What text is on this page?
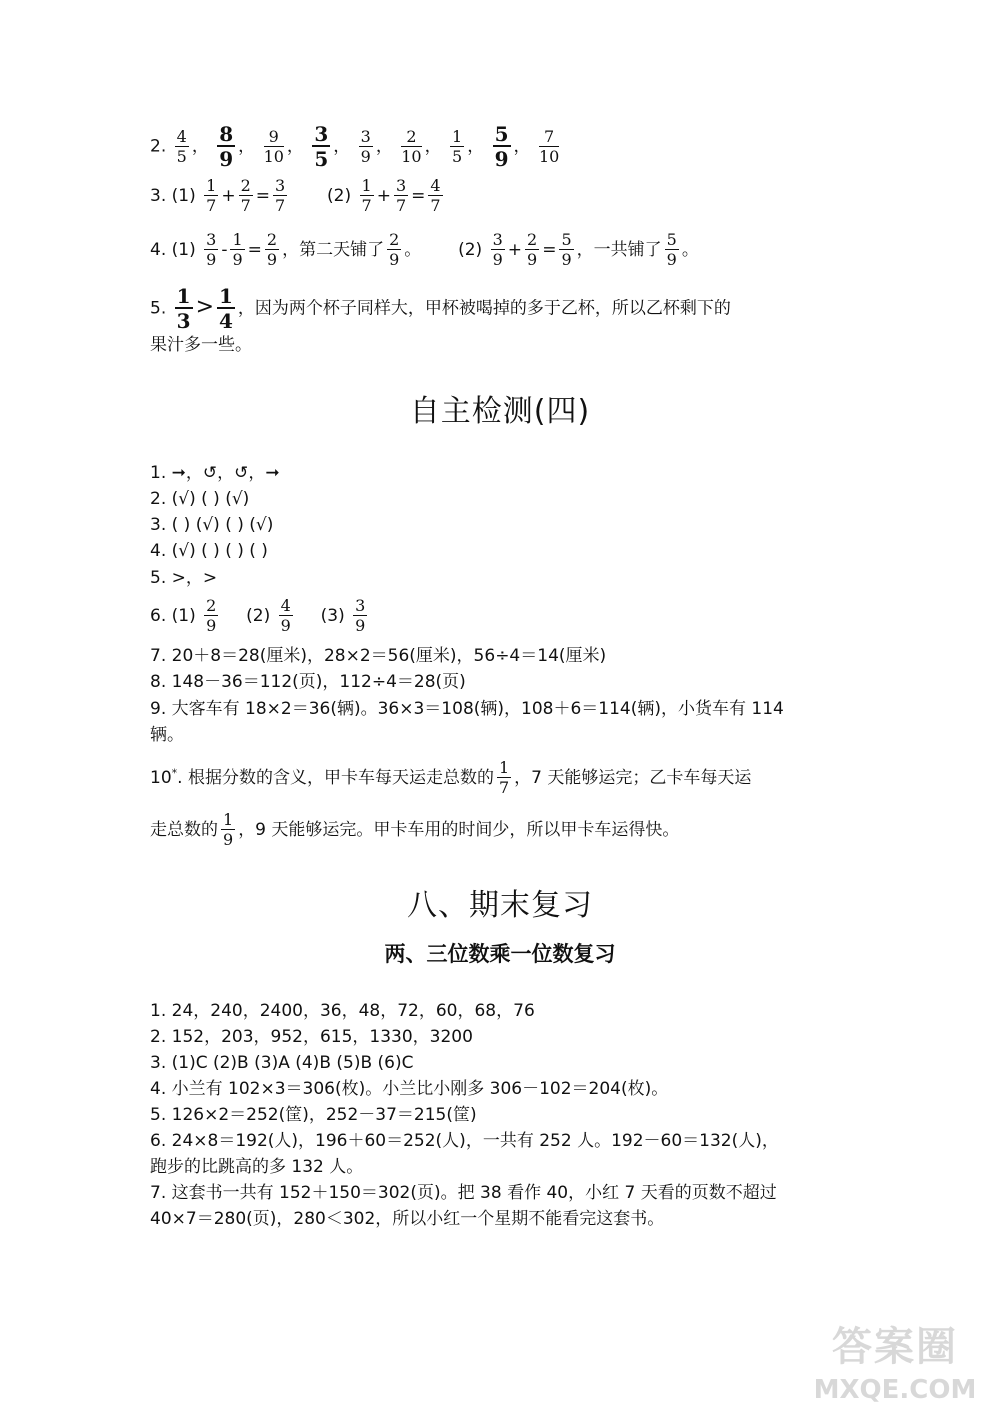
2. $\frac{4}{5}$ ， $\frac{8}{9}$ ， $\frac{9}{10}$ ， $\frac{3}{5}$ ， $\frac{3}{9}$ ， $\frac{2}{10}$ ， $\frac{1}{5}$ ， $\frac{5}{9}$ ， $\frac{7}{10}$
3. $(1) \frac{1}{7} + \frac{2}{7} = \frac{3}{7} (2) \frac{1}{7} + \frac{3}{7} = \frac{4}{7}$
4. $(1) \frac{3}{9} - \frac{1}{9} = \frac{2}{9}$ ，第二天铺了 $\frac{2}{9}$ 。 $(2) \frac{3}{9} + \frac{2}{9} = \frac{5}{9}$ ，一共铺了 $\frac{5}{9}$ 。
5. $\frac{1}{3} > \frac{1}{4}$ ，因为两个杯子同样大，甲杯被喝掉的多于乙杯，所以乙杯剩下的
果汁多一些。
自主检测(四)
1. ➞，↺，↺，➞
2. (√) ( ) (√)
3. ( ) (√) ( ) (√)
4. (√) ( ) ( ) ( )
5. >，>
6. $(1) \frac{2}{9} (2) \frac{4}{9} (3) \frac{3}{9}$
7. 20＋8＝28(厘米)，28×2＝56(厘米)，56÷4＝14(厘米)
8. 148－36＝112(页)，112÷4＝28(页)
9. 大客车有 18×2＝36(辆)。36×3＝108(辆)，108＋6＝114(辆)，小货车有 114
辆。
10*. 根据分数的含义，甲卡车每天运走总数的 $\frac{1}{7}$ ，7 天能够运完；乙卡车每天运
走总数的 $\frac{1}{9}$ ，9 天能够运完。甲卡车用的时间少，所以甲卡车运得快。
八、期末复习
两、三位数乘一位数复习
1. 24，240，2400，36，48，72，60，68，76
2. 152，203，952，615，1330，3200
3. (1)C (2)B (3)A (4)B (5)B (6)C
4. 小兰有 102×3＝306(枚)。小兰比小刚多 306－102＝204(枚)。
5. 126×2＝252(筐)，252－37＝215(筐)
6. 24×8＝192(人)，196＋60＝252(人)，一共有 252 人。192－60＝132(人)，
跑步的比跳高的多 132 人。
7. 这套书一共有 152＋150＝302(页)。把 38 看作 40，小红 7 天看的页数不超过
40×7＝280(页)，280＜302，所以小红一个星期不能看完这套书。
答案圈
MXQE.COM
